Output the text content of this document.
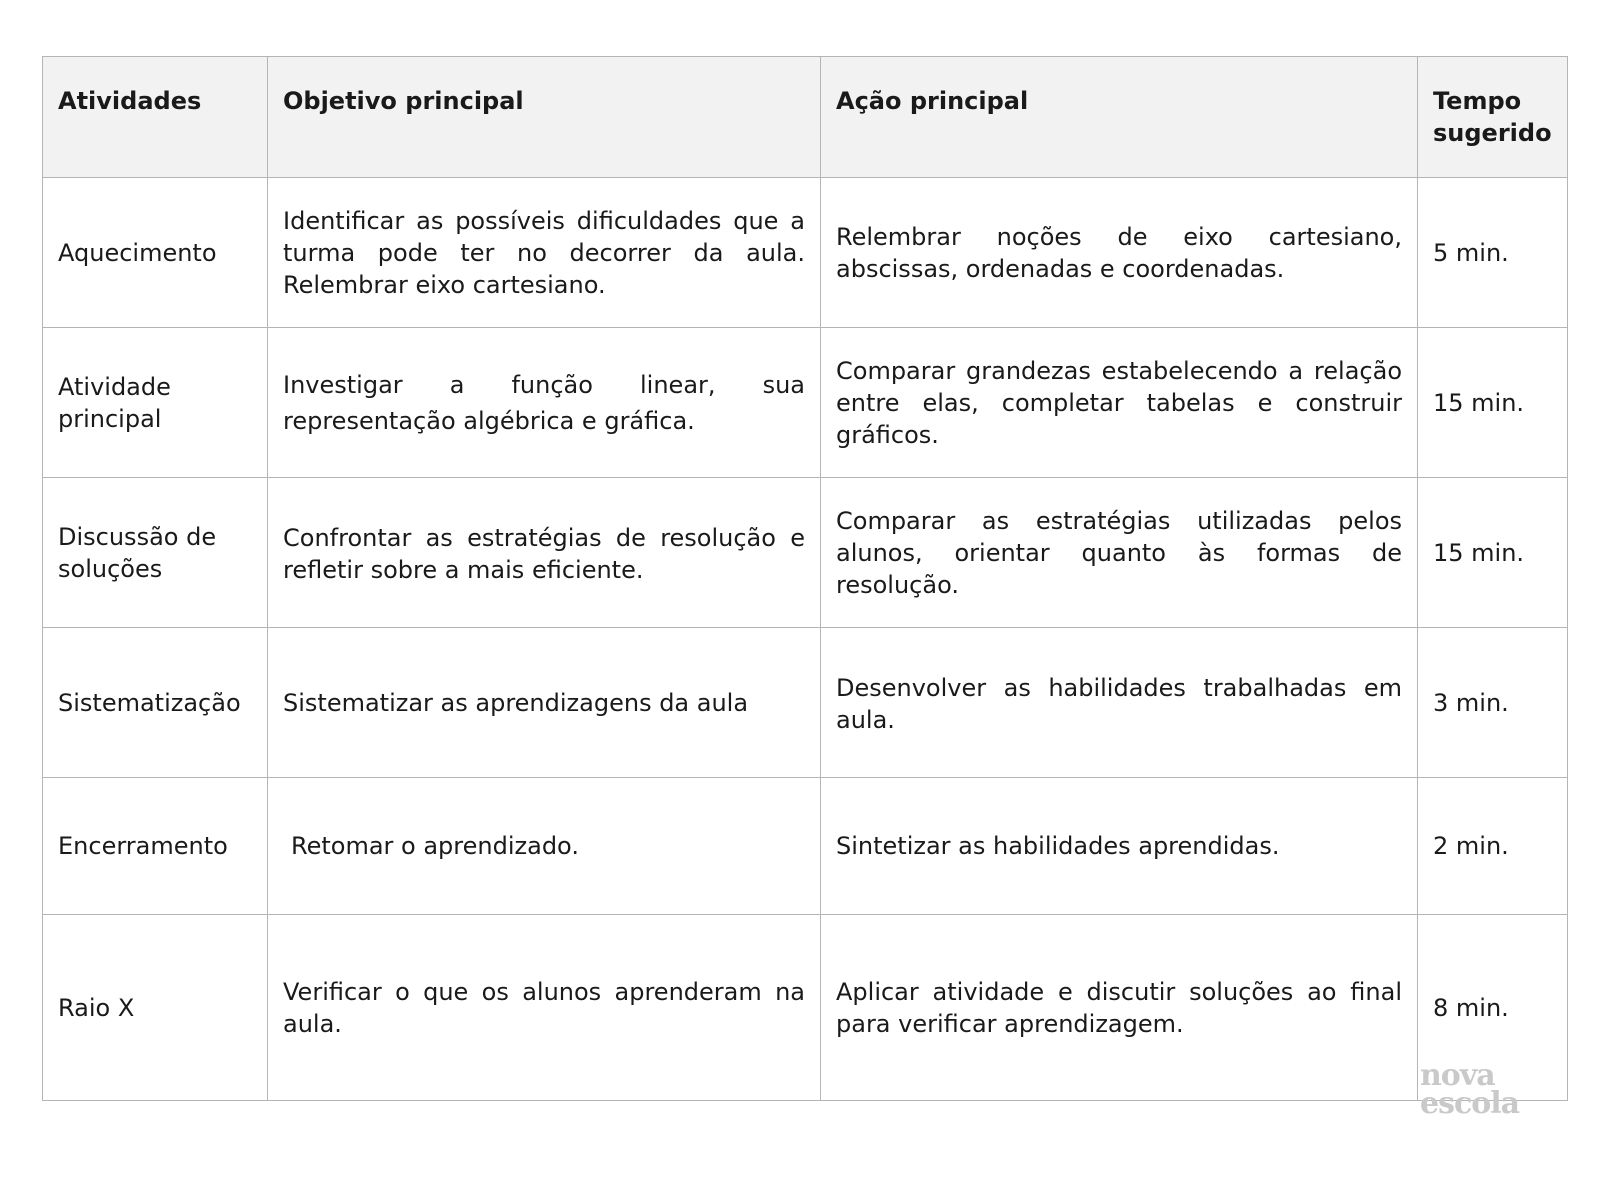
Atividades	Objetivo principal	Ação principal	Tempo sugerido
Aquecimento	Identificar as possíveis dificuldades que a turma pode ter no decorrer da aula. Relembrar eixo cartesiano.	Relembrar noções de eixo cartesiano, abscissas, ordenadas e coordenadas.	5 min.
Atividade principal	Investigar a função linear, sua representação algébrica e gráfica.	Comparar grandezas estabelecendo a relação entre elas, completar tabelas e construir gráficos.	15 min.
Discussão de soluções	Confrontar as estratégias de resolução e refletir sobre a mais eficiente.	Comparar as estratégias utilizadas pelos alunos, orientar quanto às formas de resolução.	15 min.
Sistematização	Sistematizar as aprendizagens da aula	Desenvolver as habilidades trabalhadas em aula.	3 min.
Encerramento	Retomar o aprendizado.	Sintetizar as habilidades aprendidas.	2 min.
Raio X	Verificar o que os alunos aprenderam na aula.	Aplicar atividade e discutir soluções ao final para verificar aprendizagem.	8 min.
nova
escola
